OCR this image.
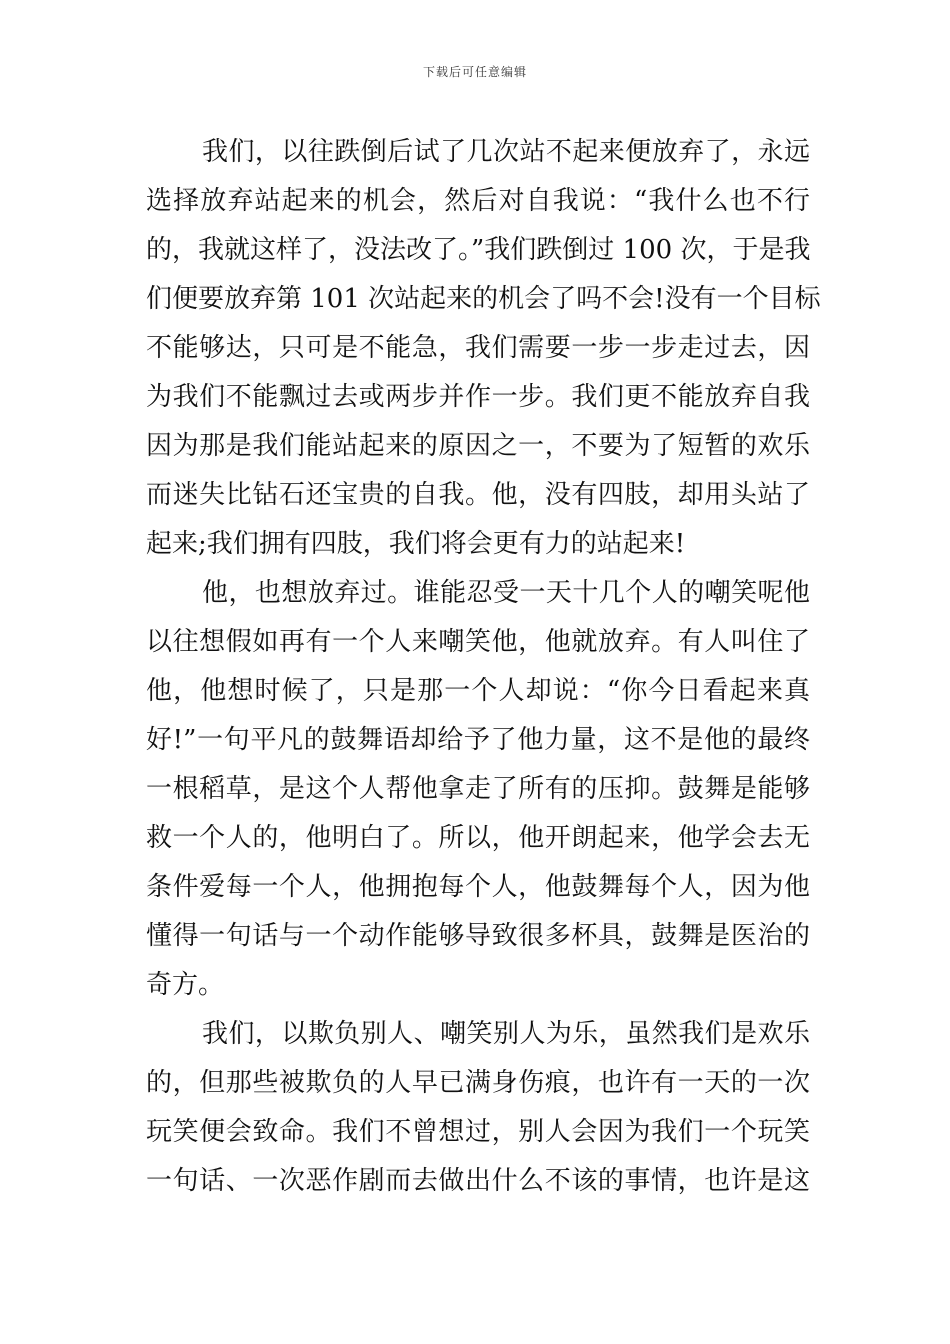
下载后可任意编辑
我们，以往跌倒后试了几次站不起来便放弃了，永远
选择放弃站起来的机会，然后对自我说：“我什么也不行
的，我就这样了，没法改了。”我们跌倒过 100 次，于是我
们便要放弃第 101 次站起来的机会了吗不会!没有一个目标
不能够达，只可是不能急，我们需要一步一步走过去，因
为我们不能飘过去或两步并作一步。我们更不能放弃自我
因为那是我们能站起来的原因之一，不要为了短暂的欢乐
而迷失比钻石还宝贵的自我。他，没有四肢，却用头站了
起来;我们拥有四肢，我们将会更有力的站起来!
他，也想放弃过。谁能忍受一天十几个人的嘲笑呢他
以往想假如再有一个人来嘲笑他，他就放弃。有人叫住了
他，他想时候了，只是那一个人却说：“你今日看起来真
好!”一句平凡的鼓舞语却给予了他力量，这不是他的最终
一根稻草，是这个人帮他拿走了所有的压抑。鼓舞是能够
救一个人的，他明白了。所以，他开朗起来，他学会去无
条件爱每一个人，他拥抱每个人，他鼓舞每个人，因为他
懂得一句话与一个动作能够导致很多杯具，鼓舞是医治的
奇方。
我们，以欺负别人、嘲笑别人为乐，虽然我们是欢乐
的，但那些被欺负的人早已满身伤痕，也许有一天的一次
玩笑便会致命。我们不曾想过，别人会因为我们一个玩笑
一句话、一次恶作剧而去做出什么不该的事情，也许是这
